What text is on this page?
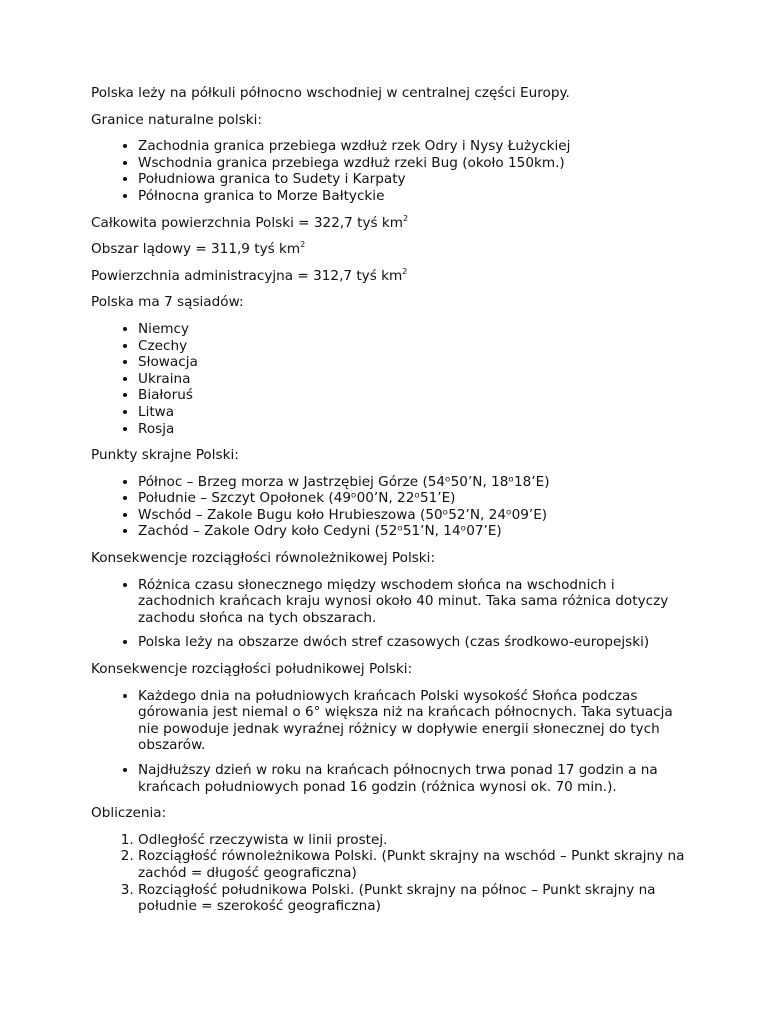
Polska leży na półkuli północno wschodniej w centralnej części Europy.

Granice naturalne polski:

• Zachodnia granica przebiega wzdłuż rzek Odry i Nysy Łużyckiej
• Wschodnia granica przebiega wzdłuż rzeki Bug (około 150km.)
• Południowa granica to Sudety i Karpaty
• Północna granica to Morze Bałtyckie

Całkowita powierzchnia Polski = 322,7 tyś $km^2$

Obszar lądowy = 311,9 tyś $km^2$

Powierzchnia administracyjna = 312,7 tyś $km^2$

Polska ma 7 sąsiadów:

• Niemcy
• Czechy
• Słowacja
• Ukraina
• Białoruś
• Litwa
• Rosja

Punkty skrajne Polski:

• Północ – Brzeg morza w Jastrzębiej Górze (54ᵒ50’N, 18ᵒ18’E)
• Południe – Szczyt Opołonek (49ᵒ00’N, 22ᵒ51’E)
• Wschód – Zakole Bugu koło Hrubieszowa (50ᵒ52’N, 24ᵒ09’E)
• Zachód – Zakole Odry koło Cedyni (52ᵒ51’N, 14ᵒ07’E)

Konsekwencje rozciągłości równoleżnikowej Polski:

• Różnica czasu słonecznego między wschodem słońca na wschodnich i zachodnich krańcach kraju wynosi około 40 minut. Taka sama różnica dotyczy zachodu słońca na tych obszarach.
• Polska leży na obszarze dwóch stref czasowych (czas środkowo-europejski)

Konsekwencje rozciągłości południkowej Polski:

• Każdego dnia na południowych krańcach Polski wysokość Słońca podczas górowania jest niemal o 6° większa niż na krańcach północnych. Taka sytuacja nie powoduje jednak wyraźnej różnicy w dopływie energii słonecznej do tych obszarów.
• Najdłuższy dzień w roku na krańcach północnych trwa ponad 17 godzin a na krańcach południowych ponad 16 godzin (różnica wynosi ok. 70 min.).

Obliczenia:

1. Odległość rzeczywista w linii prostej.
2. Rozciągłość równoleżnikowa Polski. (Punkt skrajny na wschód – Punkt skrajny na zachód = długość geograficzna)
3. Rozciągłość południkowa Polski. (Punkt skrajny na północ – Punkt skrajny na południe = szerokość geograficzna)
